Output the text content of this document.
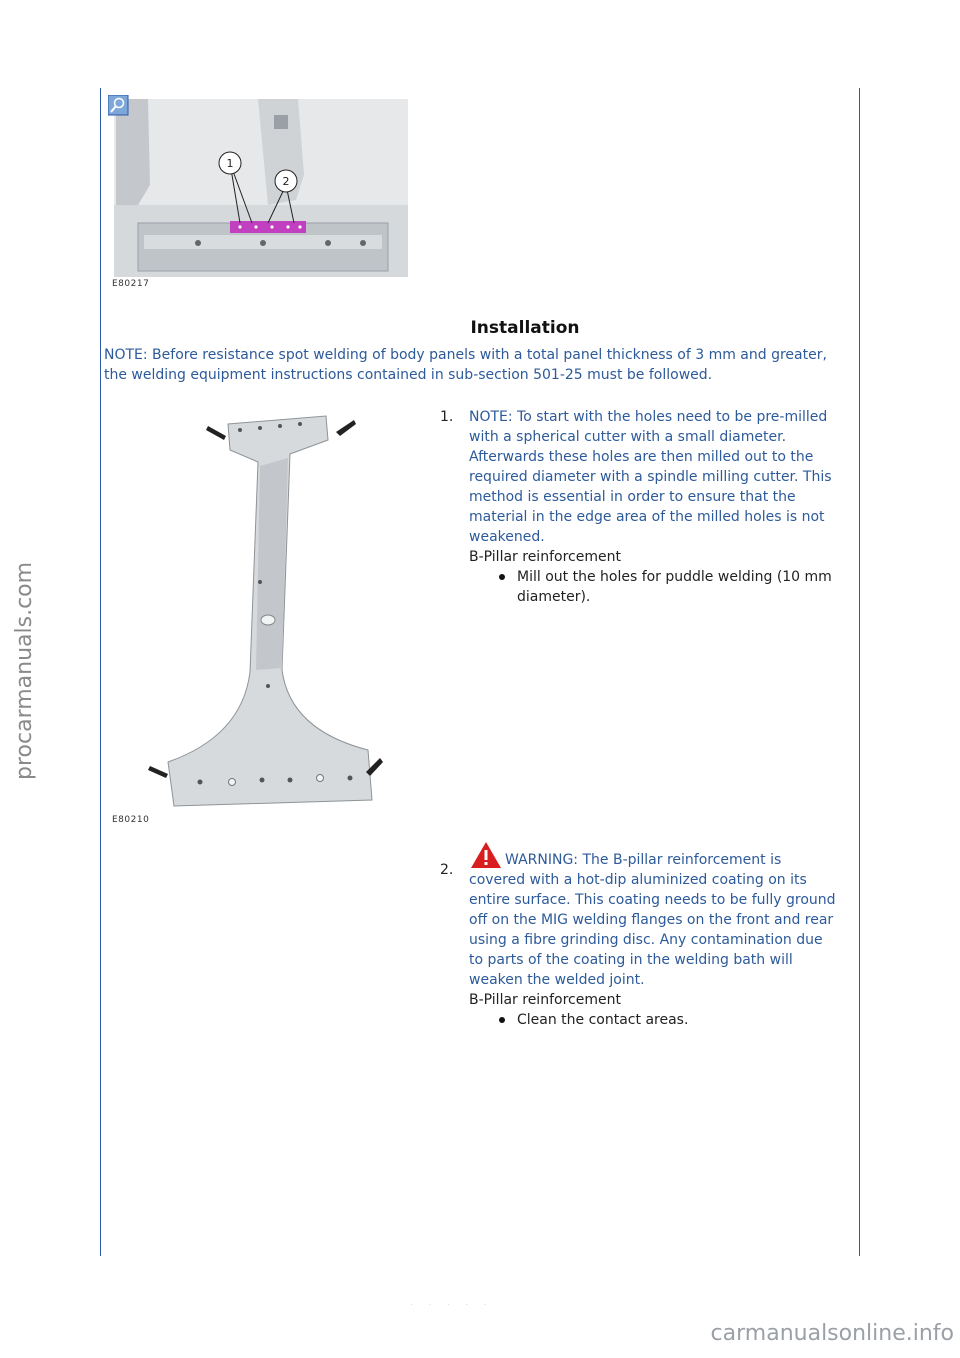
procarmanuals.com
1
2
E80217
Installation
NOTE: Before resistance spot welding of body panels with a total panel thickness of 3 mm and greater, the welding equipment instructions contained in sub-section 501-25 must be followed.
E80210
1. NOTE: To start with the holes need to be pre-milled with a spherical cutter with a small diameter. Afterwards these holes are then milled out to the required diameter with a spindle milling cutter. This method is essential in order to ensure that the material in the edge area of the milled holes is not weakened.
B-Pillar reinforcement
Mill out the holes for puddle welding (10 mm diameter).
2.
WARNING: The B-pillar reinforcement is covered with a hot-dip aluminized coating on its entire surface. This coating needs to be fully ground off on the MIG welding flanges on the front and rear using a fibre grinding disc. Any contamination due to parts of the coating in the welding bath will weaken the welded joint.
B-Pillar reinforcement
Clean the contact areas.
· · · · ·
carmanualsonline.info
